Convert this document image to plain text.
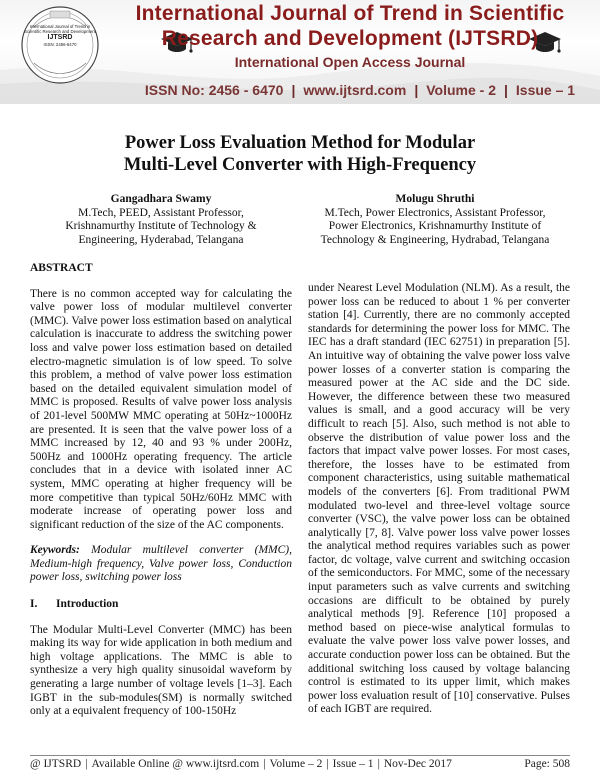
International Journal of Trend in Scientific Research and Development
IJTSRD
ISSN: 2456-6470
International Journal of Trend in Scientific
Research and Development (IJTSRD)
International Open Access Journal
ISSN No: 2456 - 6470 | www.ijtsrd.com | Volume - 2 | Issue – 1
Power Loss Evaluation Method for Modular
Multi-Level Converter with High-Frequency
Gangadhara Swamy
M.Tech, PEED, Assistant Professor,
Krishnamurthy Institute of Technology &
Engineering, Hyderabad, Telangana
Molugu Shruthi
M.Tech, Power Electronics, Assistant Professor,
Power Electronics, Krishnamurthy Institute of
Technology & Engineering, Hydrabad, Telangana
ABSTRACT

There is no common accepted way for calculating the valve power loss of modular multilevel converter (MMC). Valve power loss estimation based on analytical calculation is inaccurate to address the switching power loss and valve power loss estimation based on detailed electro-magnetic simulation is of low speed. To solve this problem, a method of valve power loss estimation based on the detailed equivalent simulation model of MMC is proposed. Results of valve power loss analysis of 201-level 500MW MMC operating at 50Hz~1000Hz are presented. It is seen that the valve power loss of a MMC increased by 12, 40 and 93 % under 200Hz, 500Hz and 1000Hz operating frequency. The article concludes that in a device with isolated inner AC system, MMC operating at higher frequency will be more competitive than typical 50Hz/60Hz MMC with moderate increase of operating power loss and significant reduction of the size of the AC components.

Keywords: Modular multilevel converter (MMC), Medium-high frequency, Valve power loss, Conduction power loss, switching power loss

I.	Introduction

The Modular Multi-Level Converter (MMC) has been making its way for wide application in both medium and high voltage applications. The MMC is able to synthesize a very high quality sinusoidal waveform by generating a large number of voltage levels [1–3]. Each IGBT in the sub-modules(SM) is normally switched only at a equivalent frequency of 100-150Hz

under Nearest Level Modulation (NLM). As a result, the power loss can be reduced to about 1 % per converter station [4]. Currently, there are no commonly accepted standards for determining the power loss for MMC. The IEC has a draft standard (IEC 62751) in preparation [5]. An intuitive way of obtaining the valve power loss valve power losses of a converter station is comparing the measured power at the AC side and the DC side. However, the difference between these two measured values is small, and a good accuracy will be very difficult to reach [5]. Also, such method is not able to observe the distribution of value power loss and the factors that impact valve power losses. For most cases, therefore, the losses have to be estimated from component characteristics, using suitable mathematical models of the converters [6]. From traditional PWM modulated two-level and three-level voltage source converter (VSC), the valve power loss can be obtained analytically [7, 8]. Valve power loss valve power losses the analytical method requires variables such as power factor, dc voltage, valve current and switching occasion of the semiconductors. For MMC, some of the necessary input parameters such as valve currents and switching occasions are difficult to be obtained by purely analytical methods [9]. Reference [10] proposed a method based on piece-wise analytical formulas to evaluate the valve power loss valve power losses, and accurate conduction power loss can be obtained. But the additional switching loss caused by voltage balancing control is estimated to its upper limit, which makes power loss evaluation result of [10] conservative. Pulses of each IGBT are required.

@ IJTSRD | Available Online @ www.ijtsrd.com | Volume – 2 | Issue – 1 | Nov-Dec 2017	Page: 508
